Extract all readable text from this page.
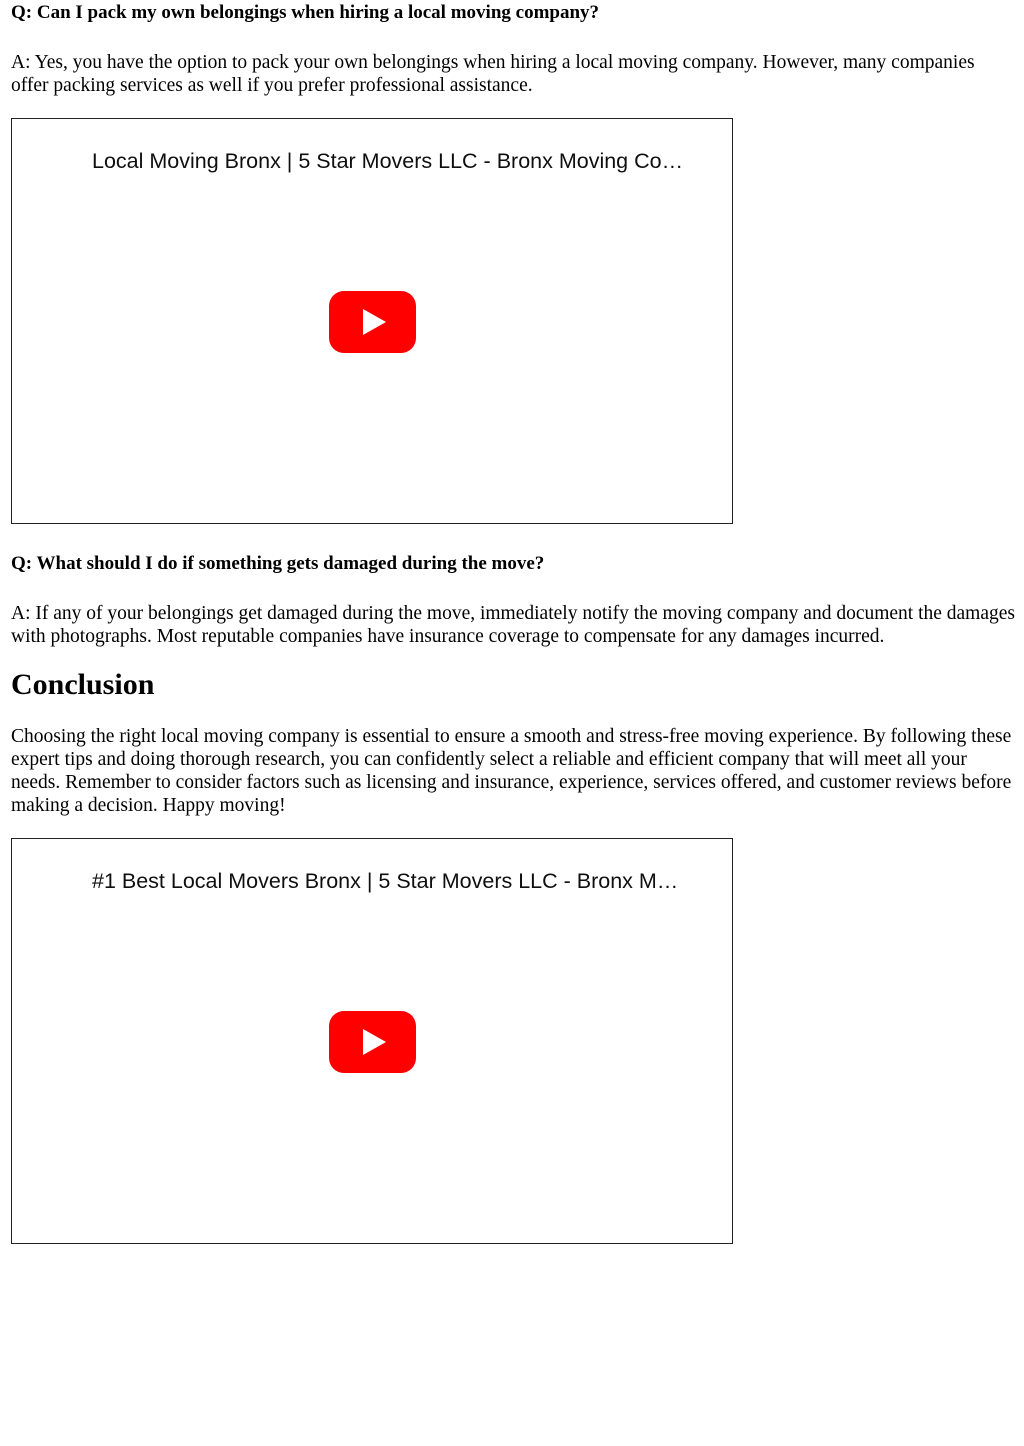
Q: Can I pack my own belongings when hiring a local moving company?

A: Yes, you have the option to pack your own belongings when hiring a local moving company. However, many companies offer packing services as well if you prefer professional assistance.

Local Moving Bronx | 5 Star Movers LLC - Bronx Moving Co…

Q: What should I do if something gets damaged during the move?

A: If any of your belongings get damaged during the move, immediately notify the moving company and document the damages with photographs. Most reputable companies have insurance coverage to compensate for any damages incurred.

Conclusion

Choosing the right local moving company is essential to ensure a smooth and stress-free moving experience. By following these expert tips and doing thorough research, you can confidently select a reliable and efficient company that will meet all your needs. Remember to consider factors such as licensing and insurance, experience, services offered, and customer reviews before making a decision. Happy moving!

#1 Best Local Movers Bronx | 5 Star Movers LLC - Bronx M…
